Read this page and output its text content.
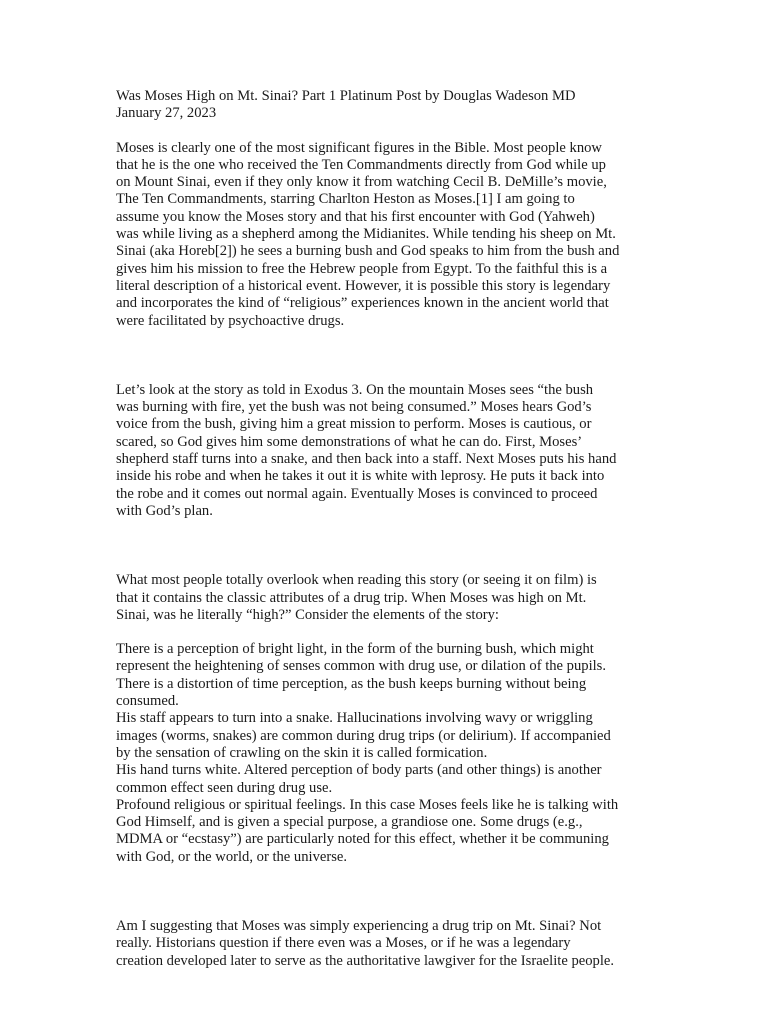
Was Moses High on Mt. Sinai? Part 1 Platinum Post by Douglas Wadeson MD
January 27, 2023
Moses is clearly one of the most significant figures in the Bible. Most people know
that he is the one who received the Ten Commandments directly from God while up
on Mount Sinai, even if they only know it from watching Cecil B. DeMille’s movie,
The Ten Commandments, starring Charlton Heston as Moses.[1] I am going to
assume you know the Moses story and that his first encounter with God (Yahweh)
was while living as a shepherd among the Midianites. While tending his sheep on Mt.
Sinai (aka Horeb[2]) he sees a burning bush and God speaks to him from the bush and
gives him his mission to free the Hebrew people from Egypt. To the faithful this is a
literal description of a historical event. However, it is possible this story is legendary
and incorporates the kind of “religious” experiences known in the ancient world that
were facilitated by psychoactive drugs.
Let’s look at the story as told in Exodus 3. On the mountain Moses sees “the bush
was burning with fire, yet the bush was not being consumed.” Moses hears God’s
voice from the bush, giving him a great mission to perform. Moses is cautious, or
scared, so God gives him some demonstrations of what he can do. First, Moses’
shepherd staff turns into a snake, and then back into a staff. Next Moses puts his hand
inside his robe and when he takes it out it is white with leprosy. He puts it back into
the robe and it comes out normal again. Eventually Moses is convinced to proceed
with God’s plan.
What most people totally overlook when reading this story (or seeing it on film) is
that it contains the classic attributes of a drug trip. When Moses was high on Mt.
Sinai, was he literally “high?” Consider the elements of the story:
There is a perception of bright light, in the form of the burning bush, which might
represent the heightening of senses common with drug use, or dilation of the pupils.
There is a distortion of time perception, as the bush keeps burning without being
consumed.
His staff appears to turn into a snake. Hallucinations involving wavy or wriggling
images (worms, snakes) are common during drug trips (or delirium). If accompanied
by the sensation of crawling on the skin it is called formication.
His hand turns white. Altered perception of body parts (and other things) is another
common effect seen during drug use.
Profound religious or spiritual feelings. In this case Moses feels like he is talking with
God Himself, and is given a special purpose, a grandiose one. Some drugs (e.g.,
MDMA or “ecstasy”) are particularly noted for this effect, whether it be communing
with God, or the world, or the universe.
Am I suggesting that Moses was simply experiencing a drug trip on Mt. Sinai? Not
really. Historians question if there even was a Moses, or if he was a legendary
creation developed later to serve as the authoritative lawgiver for the Israelite people.
